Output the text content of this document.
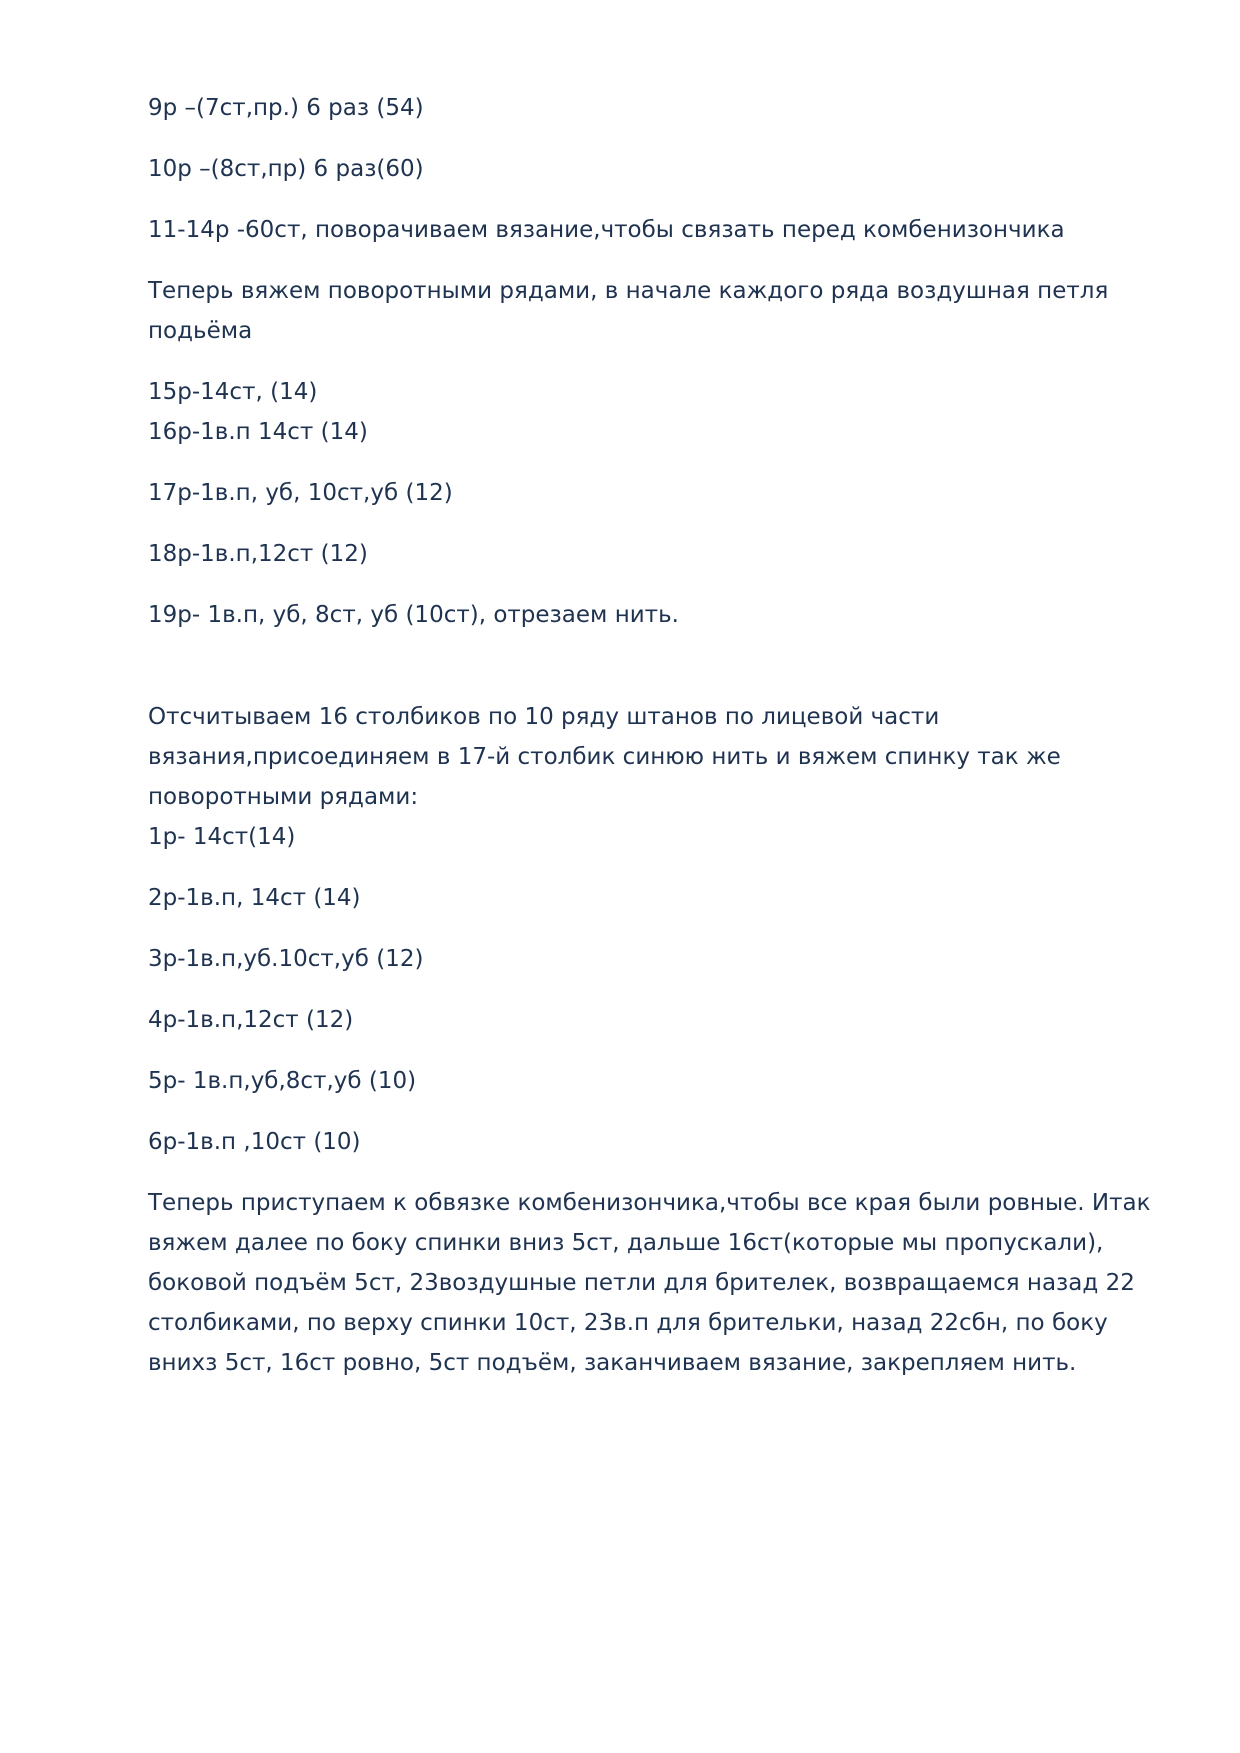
9р –(7ст,пр.) 6 раз (54)

10р –(8ст,пр) 6 раз(60)

11-14р -60ст, поворачиваем вязание,чтобы связать перед комбенизончика

Теперь вяжем поворотными рядами, в начале каждого ряда воздушная петля

подьёма

15р-14ст, (14)

16р-1в.п 14ст (14)

17р-1в.п, уб, 10ст,уб (12)

18р-1в.п,12ст (12)

19р- 1в.п, уб, 8ст, уб (10ст), отрезаем нить.

Отсчитываем 16 столбиков по 10 ряду штанов по лицевой части

вязания,присоединяем в 17-й столбик синюю нить и вяжем спинку так же

поворотными рядами:

1р- 14ст(14)

2р-1в.п, 14ст (14)

3р-1в.п,уб.10ст,уб (12)

4р-1в.п,12ст (12)

5р- 1в.п,уб,8ст,уб (10)

6р-1в.п ,10ст (10)

Теперь приступаем к обвязке комбенизончика,чтобы все края были ровные. Итак

вяжем далее по боку спинки вниз 5ст, дальше 16ст(которые мы пропускали),

боковой подъём 5ст, 23воздушные петли для брителек, возвращаемся назад 22

столбиками, по верху спинки 10ст, 23в.п для брительки, назад 22сбн, по боку

внихз 5ст, 16ст ровно, 5ст подъём, заканчиваем вязание, закрепляем нить.
